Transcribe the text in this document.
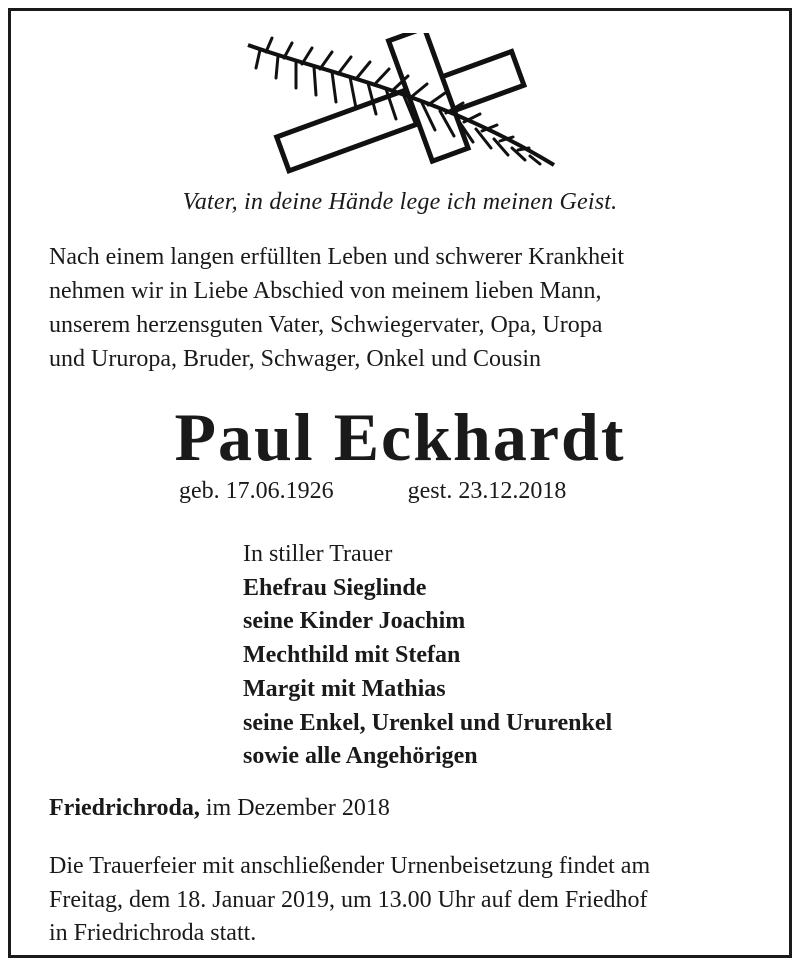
Vater, in deine Hände lege ich meinen Geist.
Nach einem langen erfüllten Leben und schwerer Krankheit
nehmen wir in Liebe Abschied von meinem lieben Mann,
unserem herzensguten Vater, Schwiegervater, Opa, Uropa
und Ururopa, Bruder, Schwager, Onkel und Cousin
Paul Eckhardt
geb. 17.06.1926	gest. 23.12.2018
In stiller Trauer
Ehefrau Sieglinde
seine Kinder Joachim
Mechthild mit Stefan
Margit mit Mathias
seine Enkel, Urenkel und Ururenkel
sowie alle Angehörigen
Friedrichroda, im Dezember 2018
Die Trauerfeier mit anschließender Urnenbeisetzung findet am
Freitag, dem 18. Januar 2019, um 13.00 Uhr auf dem Friedhof
in Friedrichroda statt.
